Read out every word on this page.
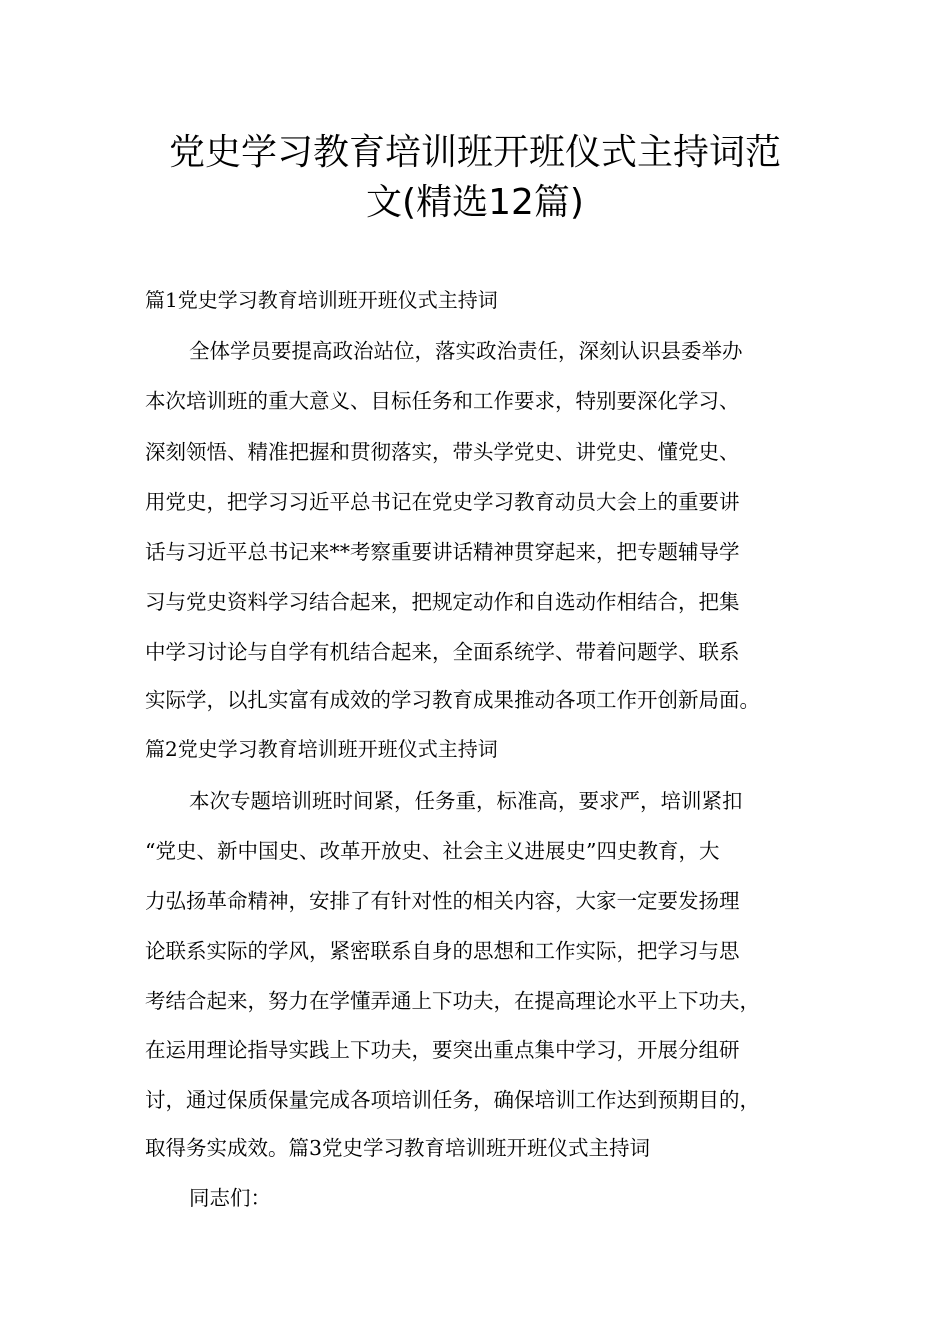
党史学习教育培训班开班仪式主持词范
文(精选12篇)
篇1党史学习教育培训班开班仪式主持词
全体学员要提高政治站位，落实政治责任，深刻认识县委举办
本次培训班的重大意义、目标任务和工作要求，特别要深化学习、
深刻领悟、精准把握和贯彻落实，带头学党史、讲党史、懂党史、
用党史，把学习习近平总书记在党史学习教育动员大会上的重要讲
话与习近平总书记来**考察重要讲话精神贯穿起来，把专题辅导学
习与党史资料学习结合起来，把规定动作和自选动作相结合，把集
中学习讨论与自学有机结合起来，全面系统学、带着问题学、联系
实际学，以扎实富有成效的学习教育成果推动各项工作开创新局面。
篇2党史学习教育培训班开班仪式主持词
本次专题培训班时间紧，任务重，标准高，要求严，培训紧扣
“党史、新中国史、改革开放史、社会主义进展史”四史教育，大
力弘扬革命精神，安排了有针对性的相关内容，大家一定要发扬理
论联系实际的学风，紧密联系自身的思想和工作实际，把学习与思
考结合起来，努力在学懂弄通上下功夫，在提高理论水平上下功夫，
在运用理论指导实践上下功夫，要突出重点集中学习，开展分组研
讨，通过保质保量完成各项培训任务，确保培训工作达到预期目的，
取得务实成效。篇3党史学习教育培训班开班仪式主持词
同志们：
